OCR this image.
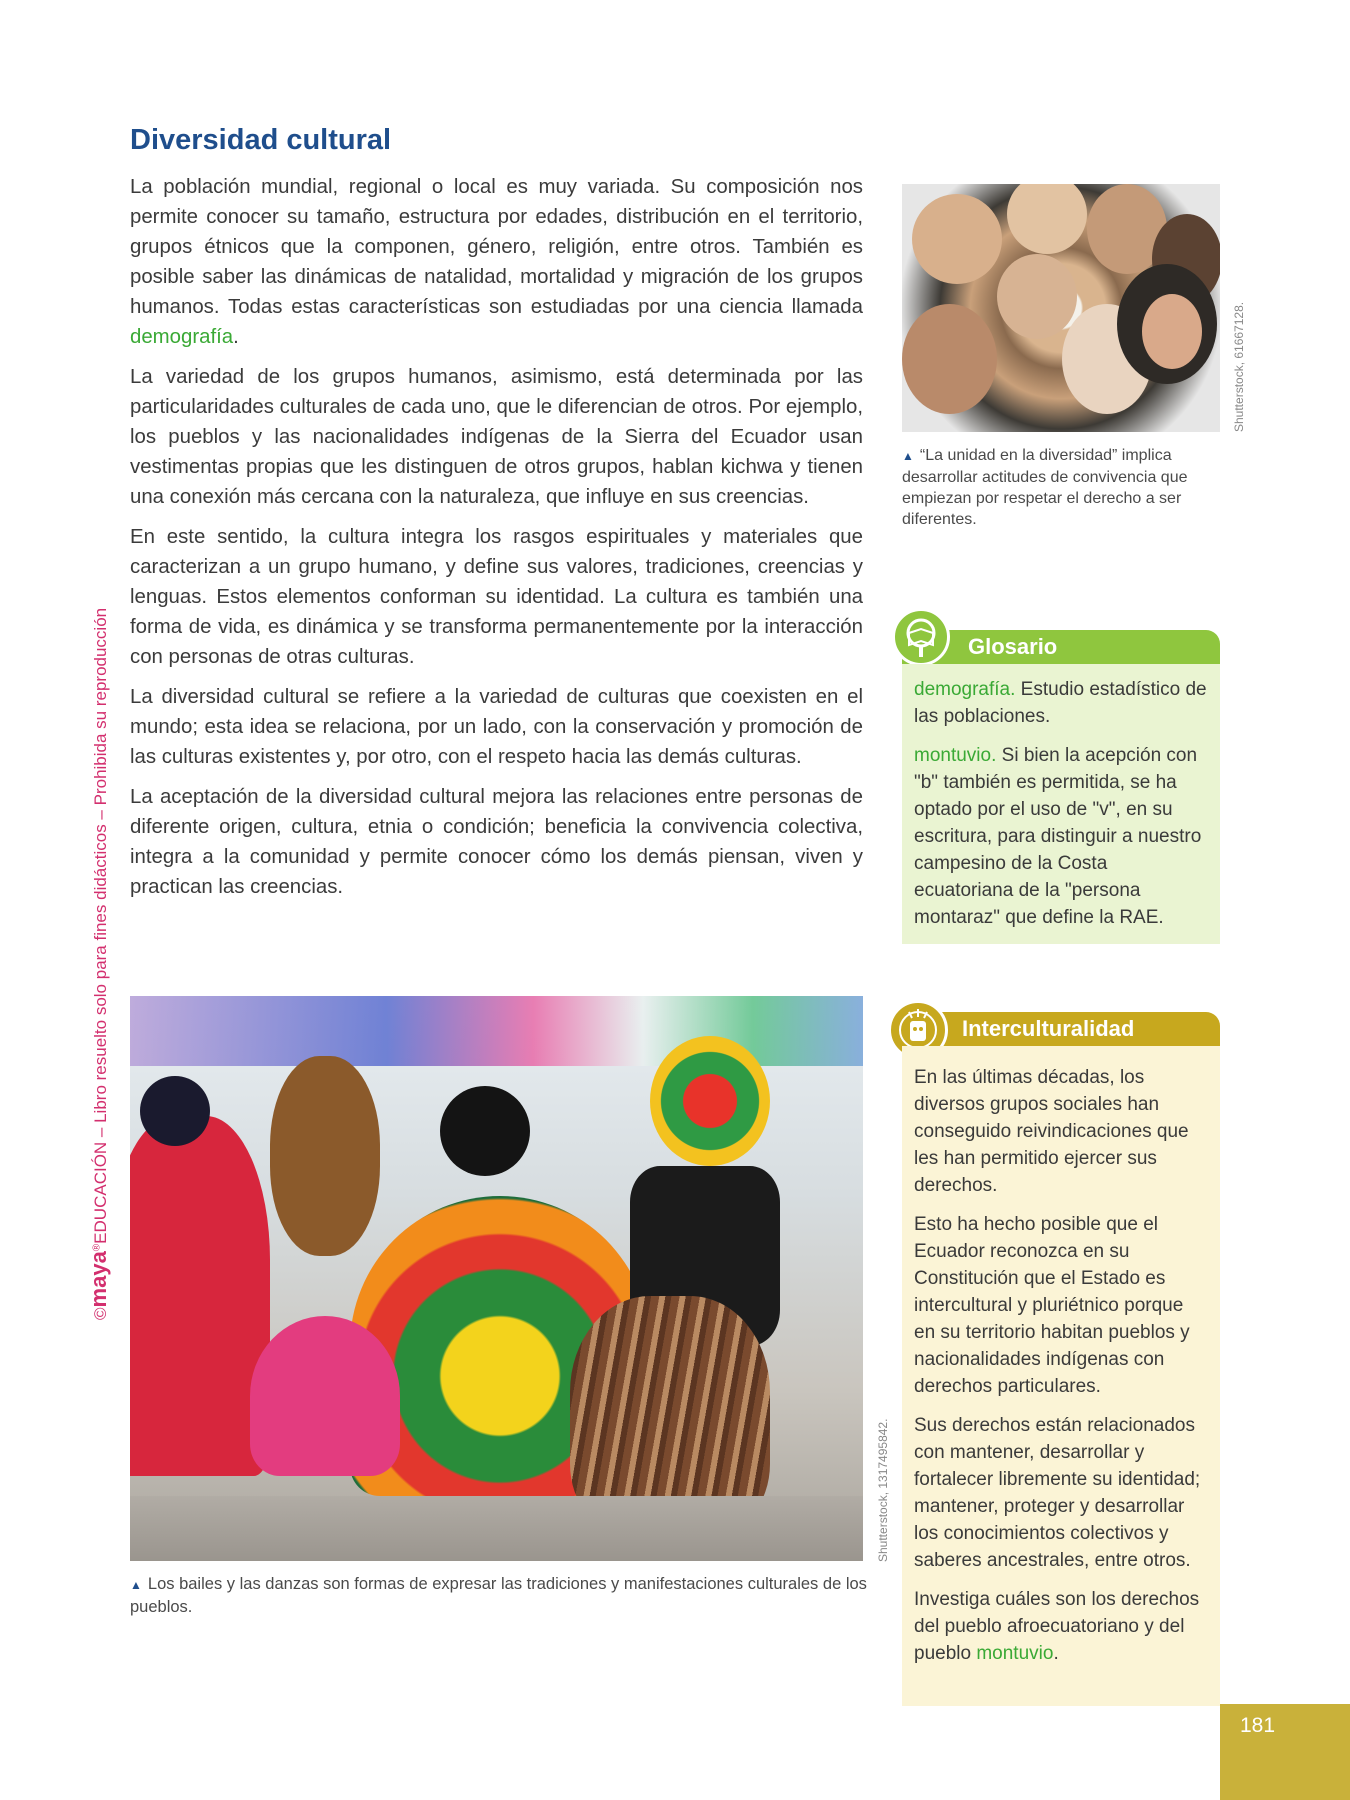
©maya®EDUCACIÓN – Libro resuelto solo para fines didácticos – Prohibida su reproducción
Diversidad cultural

La población mundial, regional o local es muy variada. Su composición nos permite conocer su tamaño, estructura por edades, distribución en el territorio, grupos étnicos que la componen, género, religión, entre otros. También es posible saber las dinámicas de natalidad, mortalidad y migración de los grupos humanos. Todas estas características son estudiadas por una ciencia llamada demografía.

La variedad de los grupos humanos, asimismo, está determinada por las particularidades culturales de cada uno, que le diferencian de otros. Por ejemplo, los pueblos y las nacionalidades indígenas de la Sierra del Ecuador usan vestimentas propias que les distinguen de otros grupos, hablan kichwa y tienen una conexión más cercana con la naturaleza, que influye en sus creencias.

En este sentido, la cultura integra los rasgos espirituales y materiales que caracterizan a un grupo humano, y define sus valores, tradiciones, creencias y lenguas. Estos elementos conforman su identidad. La cultura es también una forma de vida, es dinámica y se transforma permanentemente por la interacción con personas de otras culturas.

La diversidad cultural se refiere a la variedad de culturas que coexisten en el mundo; esta idea se relaciona, por un lado, con la conservación y promoción de las culturas existentes y, por otro, con el respeto hacia las demás culturas.

La aceptación de la diversidad cultural mejora las relaciones entre personas de diferente origen, cultura, etnia o condición; beneficia la convivencia colectiva, integra a la comunidad y permite conocer cómo los demás piensan, viven y practican las creencias.

Shutterstock, 61667128.
▲ “La unidad en la diversidad” implica desarrollar actitudes de convivencia que empiezan por respetar el derecho a ser diferentes.
Glosario

demografía. Estudio estadístico de las poblaciones.

montuvio. Si bien la acepción con "b" también es permitida, se ha optado por el uso de "v", en su escritura, para distinguir a nuestro campesino de la Costa ecuatoriana de la "persona montaraz" que define la RAE.

Interculturalidad

En las últimas décadas, los diversos grupos sociales han conseguido reivindicaciones que les han permitido ejercer sus derechos.

Esto ha hecho posible que el Ecuador reconozca en su Constitución que el Estado es intercultural y pluriétnico porque en su territorio habitan pueblos y nacionalidades indígenas con derechos particulares.

Sus derechos están relacionados con mantener, desarrollar y fortalecer libremente su identidad; mantener, proteger y desarrollar los conocimientos colectivos y saberes ancestrales, entre otros.

Investiga cuáles son los derechos del pueblo afroecuatoriano y del pueblo montuvio.

Shutterstock, 1317495842.
▲ Los bailes y las danzas son formas de expresar las tradiciones y manifestaciones culturales de los pueblos.
181
